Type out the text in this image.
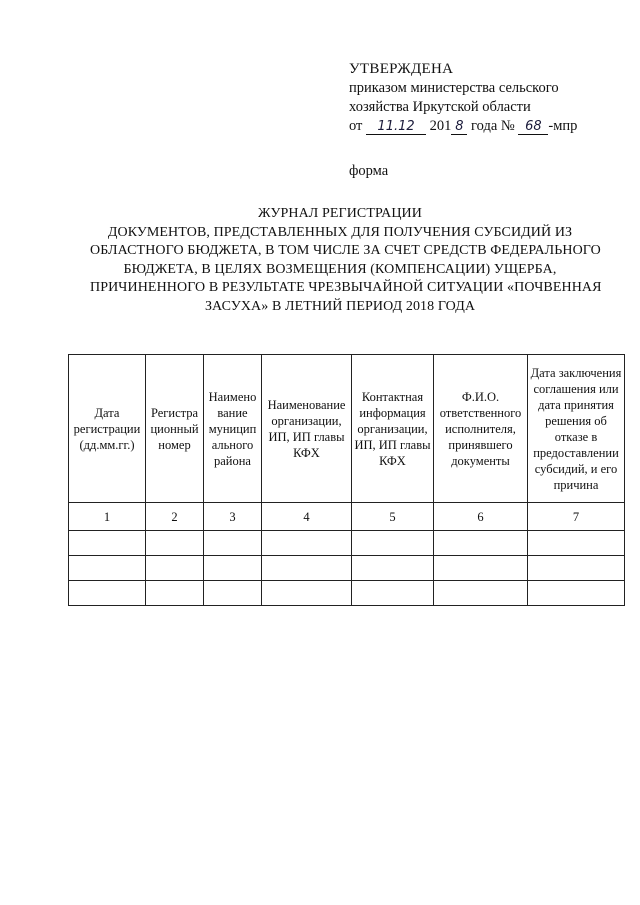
УТВЕРЖДЕНА
приказом министерства сельского
хозяйства Иркутской области
от 11.12 201 8 года № 68 -мпр
форма
ЖУРНАЛ РЕГИСТРАЦИИ
ДОКУМЕНТОВ, ПРЕДСТАВЛЕННЫХ ДЛЯ ПОЛУЧЕНИЯ СУБСИДИЙ ИЗ
ОБЛАСТНОГО БЮДЖЕТА, В ТОМ ЧИСЛЕ ЗА СЧЕТ СРЕДСТВ ФЕДЕРАЛЬНОГО
БЮДЖЕТА, В ЦЕЛЯХ ВОЗМЕЩЕНИЯ (КОМПЕНСАЦИИ) УЩЕРБА,
ПРИЧИНЕННОГО В РЕЗУЛЬТАТЕ ЧРЕЗВЫЧАЙНОЙ СИТУАЦИИ «ПОЧВЕННАЯ
ЗАСУХА» В ЛЕТНИЙ ПЕРИОД 2018 ГОДА
Дата регистрации (дд.мм.гг.)	Регистра ционный номер	Наимено вание муницип ального района	Наименование организации, ИП, ИП главы КФХ	Контактная информация организации, ИП, ИП главы КФХ	Ф.И.О. ответственного исполнителя, принявшего документы	Дата заключения соглашения или дата принятия решения об отказе в предоставлении субсидий, и его причина
1	2	3	4	5	6	7
